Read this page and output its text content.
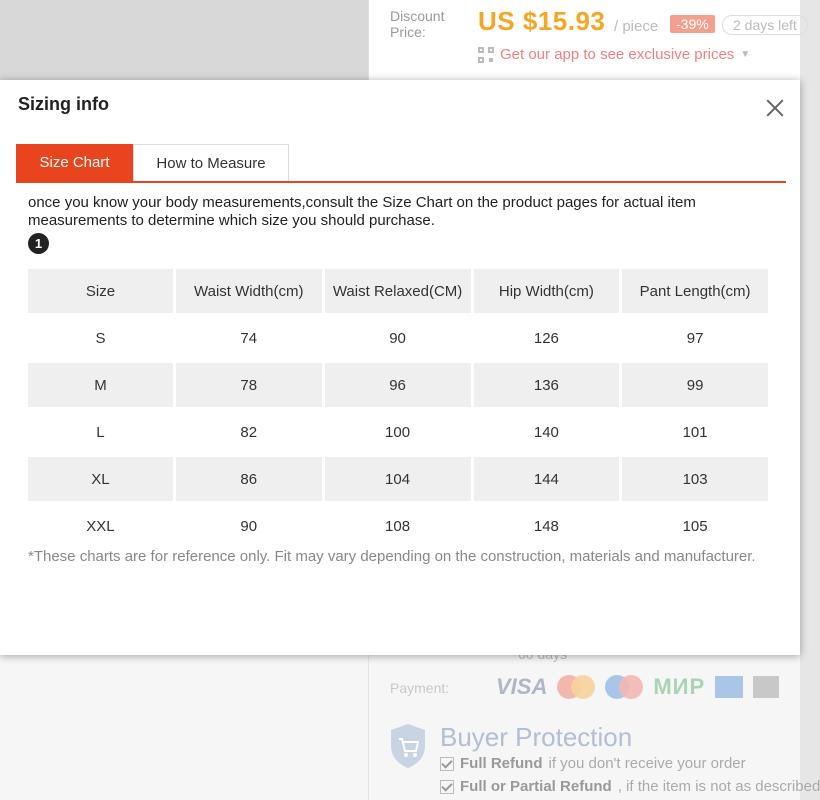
Discount Price:	US $15.93 / piece	-39%	2 days left
Get our app to see exclusive prices ▼
Payment: VISA	МИР
Buyer Protection
Full Refund if you don't receive your order
Full or Partial Refund , if the item is not as described
Sizing info
Size Chart	How to Measure
once you know your body measurements,consult the Size Chart on the product pages for actual item measurements to determine which size you should purchase.
1
Size	Waist Width(cm)	Waist Relaxed(CM)	Hip Width(cm)	Pant Length(cm)
S	74	90	126	97
M	78	96	136	99
L	82	100	140	101
XL	86	104	144	103
XXL	90	108	148	105
*These charts are for reference only. Fit may vary depending on the construction, materials and manufacturer.
